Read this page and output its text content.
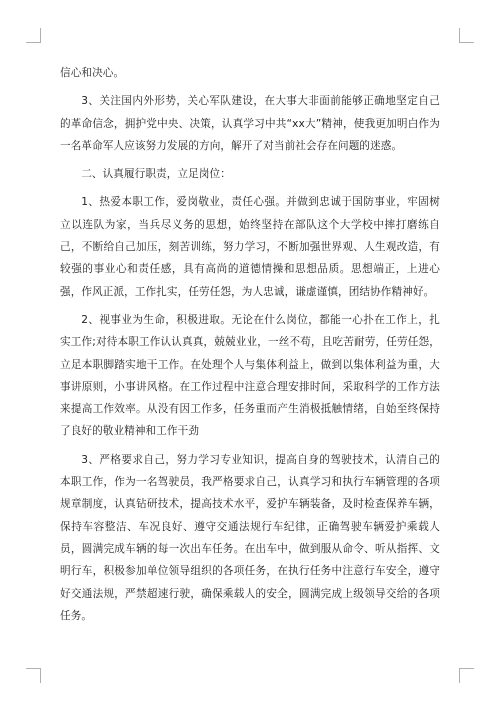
信心和决心。

3、关注国内外形势，关心军队建设，在大事大非面前能够正确地坚定自己的革命信念，拥护党中央、决策，认真学习中共“xx大”精神，使我更加明白作为一名革命军人应该努力发展的方向，解开了对当前社会存在问题的迷惑。

二、认真履行职责，立足岗位：

1、热爱本职工作，爱岗敬业，责任心强。并做到忠诚于国防事业，牢固树立以连队为家，当兵尽义务的思想，始终坚持在部队这个大学校中摔打磨练自己，不断给自己加压，刻苦训练，努力学习，不断加强世界观、人生观改造，有较强的事业心和责任感，具有高尚的道德情操和思想品质。思想端正，上进心强，作风正派，工作扎实，任劳任怨，为人忠诚，谦虚谨慎，团结协作精神好。

2、视事业为生命，积极进取。无论在什么岗位，都能一心扑在工作上，扎实工作;对待本职工作认认真真，兢兢业业，一丝不苟，且吃苦耐劳，任劳任怨，立足本职脚踏实地干工作。在处理个人与集体利益上，做到以集体利益为重，大事讲原则，小事讲风格。在工作过程中注意合理安排时间，采取科学的工作方法来提高工作效率。从没有因工作多，任务重而产生消极抵触情绪，自始至终保持了良好的敬业精神和工作干劲

3、严格要求自己，努力学习专业知识，提高自身的驾驶技术，认清自己的本职工作，作为一名驾驶员，我严格要求自己，认真学习和执行车辆管理的各项规章制度，认真钻研技术，提高技术水平，爱护车辆装备，及时检查保养车辆，保持车容整洁、车况良好、遵守交通法规行车纪律，正确驾驶车辆爱护乘载人员，圆满完成车辆的每一次出车任务。在出车中，做到服从命令、听从指挥、文明行车，积极参加单位领导组织的各项任务，在执行任务中注意行车安全，遵守好交通法规，严禁超速行驶，确保乘载人的安全，圆满完成上级领导交给的各项任务。
